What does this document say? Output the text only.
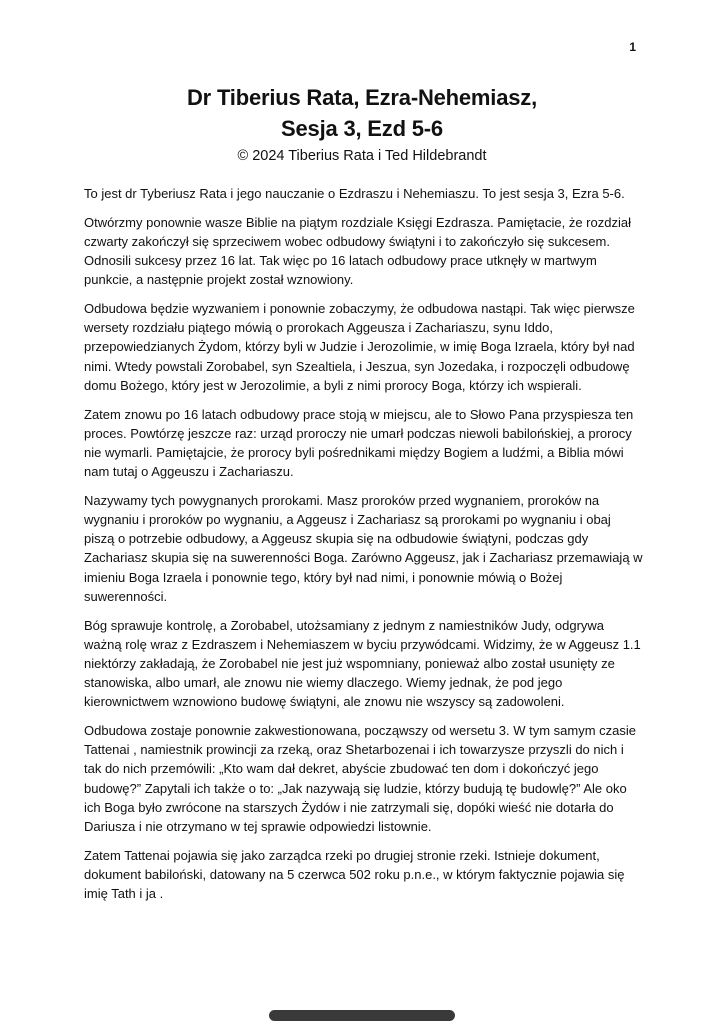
1
Dr Tiberius Rata, Ezra-Nehemiasz,
Sesja 3, Ezd 5-6
© 2024 Tiberius Rata i Ted Hildebrandt

To jest dr Tyberiusz Rata i jego nauczanie o Ezdraszu i Nehemiaszu. To jest sesja 3, Ezra 5-6.

Otwórzmy ponownie wasze Biblie na piątym rozdziale Księgi Ezdrasza. Pamiętacie, że rozdział czwarty zakończył się sprzeciwem wobec odbudowy świątyni i to zakończyło się sukcesem. Odnosili sukcesy przez 16 lat. Tak więc po 16 latach odbudowy prace utknęły w martwym punkcie, a następnie projekt został wznowiony.

Odbudowa będzie wyzwaniem i ponownie zobaczymy, że odbudowa nastąpi. Tak więc pierwsze wersety rozdziału piątego mówią o prorokach Aggeusza i Zachariaszu, synu Iddo, przepowiedzianych Żydom, którzy byli w Judzie i Jerozolimie, w imię Boga Izraela, który był nad nimi. Wtedy powstali Zorobabel, syn Szealtiela, i Jeszua, syn Jozedaka, i rozpoczęli odbudowę domu Bożego, który jest w Jerozolimie, a byli z nimi prorocy Boga, którzy ich wspierali.

Zatem znowu po 16 latach odbudowy prace stoją w miejscu, ale to Słowo Pana przyspiesza ten proces. Powtórzę jeszcze raz: urząd proroczy nie umarł podczas niewoli babilońskiej, a prorocy nie wymarli. Pamiętajcie, że prorocy byli pośrednikami między Bogiem a ludźmi, a Biblia mówi nam tutaj o Aggeuszu i Zachariaszu.

Nazywamy tych powygnanych prorokami. Masz proroków przed wygnaniem, proroków na wygnaniu i proroków po wygnaniu, a Aggeusz i Zachariasz są prorokami po wygnaniu i obaj piszą o potrzebie odbudowy, a Aggeusz skupia się na odbudowie świątyni, podczas gdy Zachariasz skupia się na suwerenności Boga. Zarówno Aggeusz, jak i Zachariasz przemawiają w imieniu Boga Izraela i ponownie tego, który był nad nimi, i ponownie mówią o Bożej suwerenności.

Bóg sprawuje kontrolę, a Zorobabel, utożsamiany z jednym z namiestników Judy, odgrywa ważną rolę wraz z Ezdraszem i Nehemiaszem w byciu przywódcami. Widzimy, że w Aggeusz 1.1 niektórzy zakładają, że Zorobabel nie jest już wspomniany, ponieważ albo został usunięty ze stanowiska, albo umarł, ale znowu nie wiemy dlaczego. Wiemy jednak, że pod jego kierownictwem wznowiono budowę świątyni, ale znowu nie wszyscy są zadowoleni.

Odbudowa zostaje ponownie zakwestionowana, począwszy od wersetu 3. W tym samym czasie Tattenai , namiestnik prowincji za rzeką, oraz Shetarbozenai i ich towarzysze przyszli do nich i tak do nich przemówili: „Kto wam dał dekret, abyście zbudować ten dom i dokończyć jego budowę?” Zapytali ich także o to: „Jak nazywają się ludzie, którzy budują tę budowlę?” Ale oko ich Boga było zwrócone na starszych Żydów i nie zatrzymali się, dopóki wieść nie dotarła do Dariusza i nie otrzymano w tej sprawie odpowiedzi listownie.

Zatem Tattenai pojawia się jako zarządca rzeki po drugiej stronie rzeki. Istnieje dokument, dokument babiloński, datowany na 5 czerwca 502 roku p.n.e., w którym faktycznie pojawia się imię Tath i ja .
